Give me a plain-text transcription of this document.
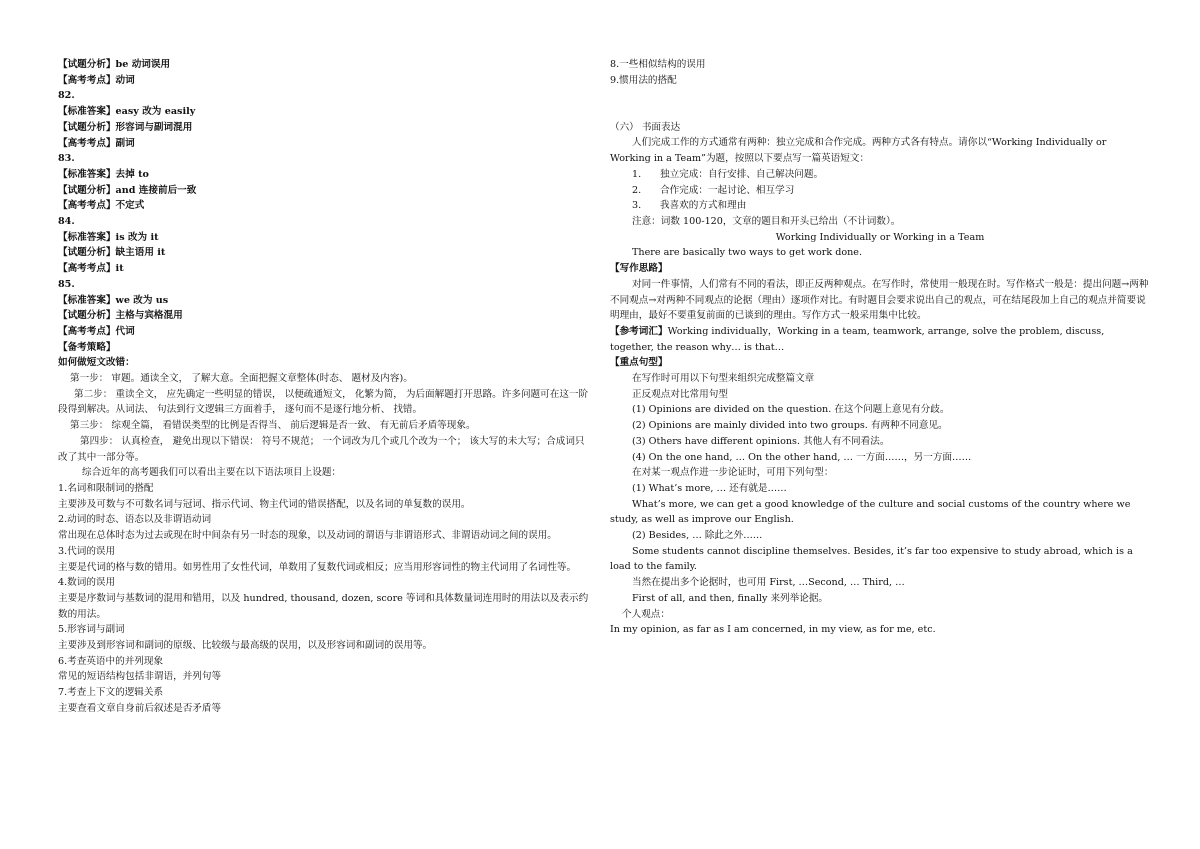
【试题分析】be 动词误用
【高考考点】动词
82.
【标准答案】easy 改为 easily
【试题分析】形容词与副词混用
【高考考点】副词
83.
【标准答案】去掉 to
【试题分析】and 连接前后一致
【高考考点】不定式
84.
【标准答案】is 改为 it
【试题分析】缺主语用 it
【高考考点】it
85.
【标准答案】we 改为 us
【试题分析】主格与宾格混用
【高考考点】代词
【备考策略】
如何做短文改错：
第一步： 审题。通读全文， 了解大意。全面把握文章整体(时态、 题材及内容)。
第二步： 重读全文， 应先确定一些明显的错误， 以便疏通短文， 化繁为简， 为后面解题打开思路。许多问题可在这一阶段得到解决。从词法、 句法到行文逻辑三方面着手， 逐句而不是逐行地分析、 找错。
第三步： 综观全篇， 看错误类型的比例是否得当、 前后逻辑是否一致、 有无前后矛盾等现象。
第四步： 认真检查， 避免出现以下错误： 符号不规范； 一个词改为几个或几个改为一个； 该大写的未大写；合成词只改了其中一部分等。
综合近年的高考题我们可以看出主要在以下语法项目上设题：
1.名词和限制词的搭配
主要涉及可数与不可数名词与冠词、指示代词、物主代词的错误搭配，以及名词的单复数的误用。
2.动词的时态、语态以及非谓语动词
常出现在总体时态为过去或现在时中间杂有另一时态的现象，以及动词的谓语与非谓语形式、非谓语动词之间的误用。
3.代词的误用
主要是代词的格与数的错用。如男性用了女性代词，单数用了复数代词或相反；应当用形容词性的物主代词用了名词性等。
4.数词的误用
主要是序数词与基数词的混用和错用，以及 hundred, thousand, dozen, score 等词和具体数量词连用时的用法以及表示约数的用法。
5.形容词与副词
主要涉及到形容词和副词的原级、比较级与最高级的误用，以及形容词和副词的误用等。
6.考查英语中的并列现象
常见的短语结构包括非谓语，并列句等
7.考查上下文的逻辑关系
主要查看文章自身前后叙述是否矛盾等
8.一些相似结构的误用
9.惯用法的搭配
（六） 书面表达
人们完成工作的方式通常有两种：独立完成和合作完成。两种方式各有特点。请你以“Working Individually or Working in a Team”为题，按照以下要点写一篇英语短文：
1. 独立完成：自行安排、自己解决问题。
2. 合作完成：一起讨论、相互学习
3. 我喜欢的方式和理由
注意：词数 100-120，文章的题目和开头已给出（不计词数）。
Working Individually or Working in a Team
There are basically two ways to get work done.
【写作思路】
对同一件事情，人们常有不同的看法，即正反两种观点。在写作时，常使用一般现在时。写作格式一般是：提出问题→两种不同观点→对两种不同观点的论据（理由）逐项作对比。有时题目会要求说出自己的观点，可在结尾段加上自己的观点并简要说明理由，最好不要重复前面的已谈到的理由。写作方式一般采用集中比较。
【参考词汇】Working individually，Working in a team, teamwork, arrange, solve the problem, discuss, together, the reason why… is that…
【重点句型】
在写作时可用以下句型来组织完成整篇文章
正反观点对比常用句型
(1) Opinions are divided on the question. 在这个问题上意见有分歧。
(2) Opinions are mainly divided into two groups. 有两种不同意见。
(3) Others have different opinions. 其他人有不同看法。
(4) On the one hand, … On the other hand, … 一方面……，另一方面……
在对某一观点作进一步论证时，可用下列句型：
(1) What’s more, … 还有就是……
What’s more, we can get a good knowledge of the culture and social customs of the country where we study, as well as improve our English.
(2) Besides, … 除此之外……
Some students cannot discipline themselves. Besides, it’s far too expensive to study abroad, which is a load to the family.
当然在提出多个论据时，也可用 First, …Second, … Third, …
First of all, and then, finally 来列举论据。
个人观点：
In my opinion, as far as I am concerned, in my view, as for me, etc.
